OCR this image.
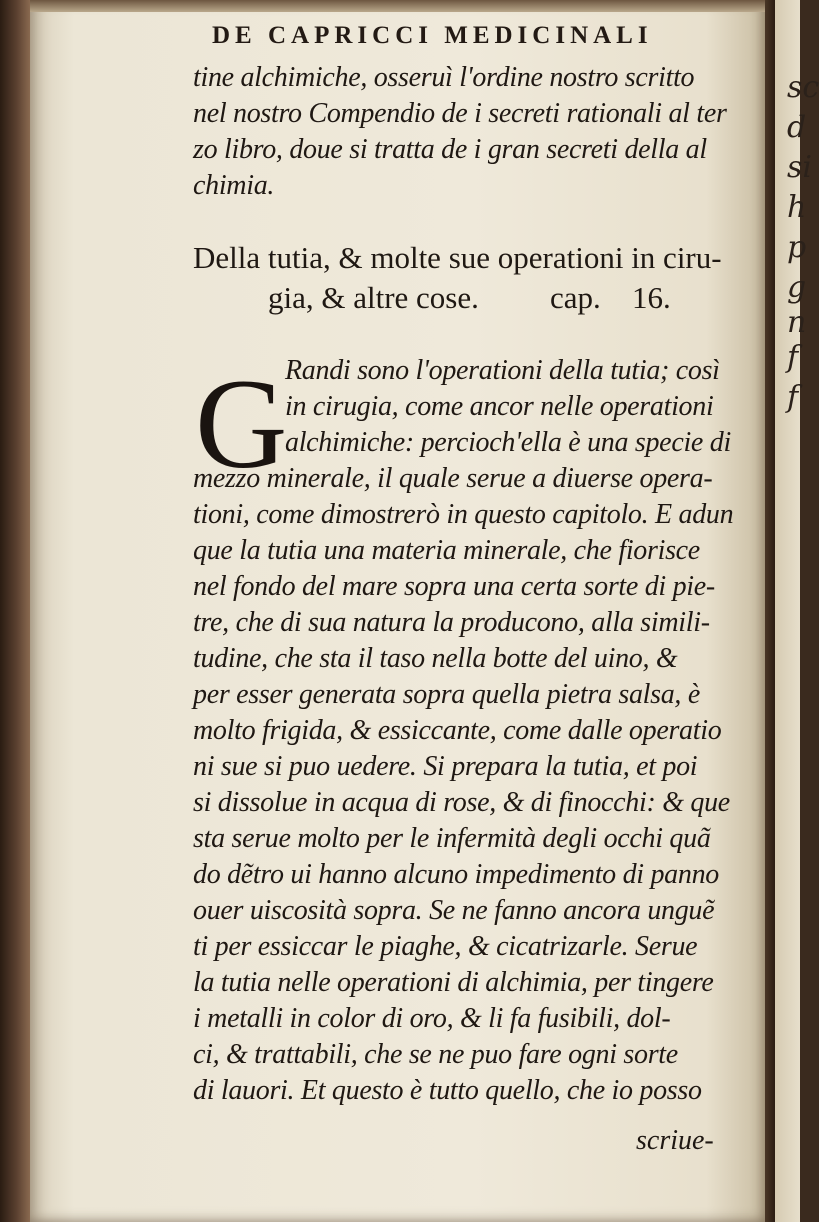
sc
d
si
h
p
g
n
f
f
DE CAPRICCI MEDICINALI
tine alchimiche, osseruì l'ordine nostro scritto
nel nostro Compendio de i secreti rationali al ter
zo libro, doue si tratta de i gran secreti della al
chimia.
Della tutia, & molte sue operationi in ciru-
gia, & altre cose. cap. 16.
G
Randi sono l'operationi della tutia; così
in cirugia, come ancor nelle operationi
alchimiche: percioch'ella è una specie di
mezzo minerale, il quale serue a diuerse opera-
tioni, come dimostrerò in questo capitolo. E adun
que la tutia una materia minerale, che fiorisce
nel fondo del mare sopra una certa sorte di pie-
tre, che di sua natura la producono, alla simili-
tudine, che sta il taso nella botte del uino, &
per esser generata sopra quella pietra salsa, è
molto frigida, & essiccante, come dalle operatio
ni sue si puo uedere. Si prepara la tutia, et poi
si dissolue in acqua di rose, & di finocchi: & que
sta serue molto per le infermità degli occhi quã
do dẽtro ui hanno alcuno impedimento di panno
ouer uiscosità sopra. Se ne fanno ancora unguẽ
ti per essiccar le piaghe, & cicatrizarle. Serue
la tutia nelle operationi di alchimia, per tingere
i metalli in color di oro, & li fa fusibili, dol-
ci, & trattabili, che se ne puo fare ogni sorte
di lauori. Et questo è tutto quello, che io posso
scriue-
